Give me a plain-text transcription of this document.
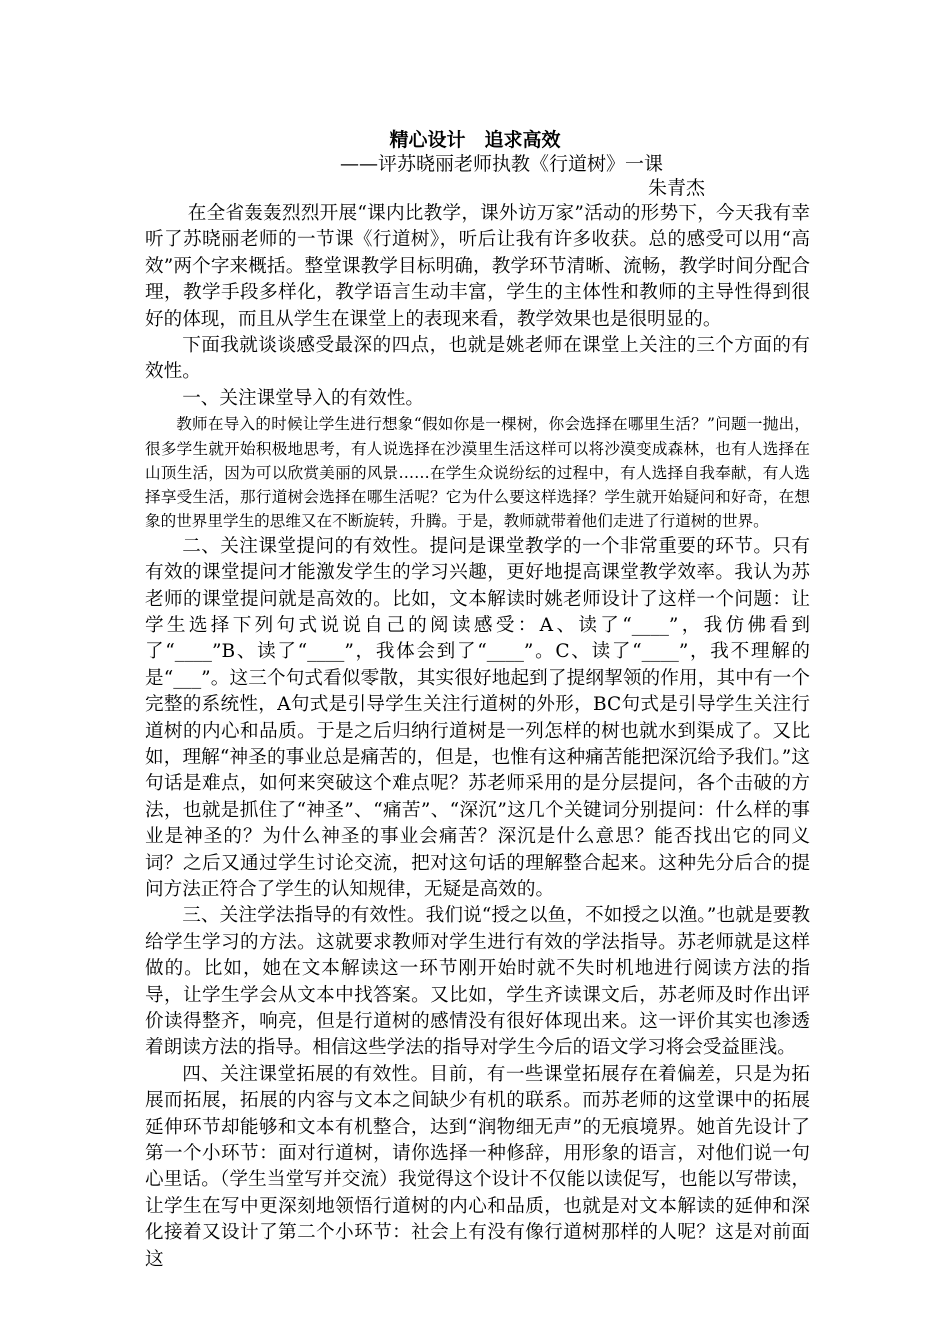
精心设计　追求高效
——评苏晓丽老师执教《行道树》一课
朱青杰

在全省轰轰烈烈开展“课内比教学，课外访万家”活动的形势下，今天我有幸听了苏晓丽老师的一节课《行道树》，听后让我有许多收获。总的感受可以用“高效”两个字来概括。整堂课教学目标明确，教学环节清晰、流畅，教学时间分配合理，教学手段多样化，教学语言生动丰富，学生的主体性和教师的主导性得到很好的体现，而且从学生在课堂上的表现来看，教学效果也是很明显的。

下面我就谈谈感受最深的四点，也就是姚老师在课堂上关注的三个方面的有效性。

一、关注课堂导入的有效性。

教师在导入的时候让学生进行想象“假如你是一棵树，你会选择在哪里生活？”问题一抛出，很多学生就开始积极地思考，有人说选择在沙漠里生活这样可以将沙漠变成森林，也有人选择在山顶生活，因为可以欣赏美丽的风景……在学生众说纷纭的过程中，有人选择自我奉献，有人选择享受生活，那行道树会选择在哪生活呢？它为什么要这样选择？学生就开始疑问和好奇，在想象的世界里学生的思维又在不断旋转，升腾。于是，教师就带着他们走进了行道树的世界。

二、关注课堂提问的有效性。提问是课堂教学的一个非常重要的环节。只有有效的课堂提问才能激发学生的学习兴趣，更好地提高课堂教学效率。我认为苏老师的课堂提问就是高效的。比如，文本解读时姚老师设计了这样一个问题：让学生选择下列句式说说自己的阅读感受：A、读了“____”，我仿佛看到了“____”B、读了“____”，我体会到了“____”。C、读了“____”，我不理解的是“___”。这三个句式看似零散，其实很好地起到了提纲挈领的作用，其中有一个完整的系统性，A句式是引导学生关注行道树的外形，BC句式是引导学生关注行道树的内心和品质。于是之后归纳行道树是一列怎样的树也就水到渠成了。又比如，理解“神圣的事业总是痛苦的，但是，也惟有这种痛苦能把深沉给予我们。”这句话是难点，如何来突破这个难点呢？苏老师采用的是分层提问，各个击破的方法，也就是抓住了“神圣”、“痛苦”、“深沉”这几个关键词分别提问：什么样的事业是神圣的？为什么神圣的事业会痛苦？深沉是什么意思？能否找出它的同义词？之后又通过学生讨论交流，把对这句话的理解整合起来。这种先分后合的提问方法正符合了学生的认知规律，无疑是高效的。

三、关注学法指导的有效性。我们说“授之以鱼，不如授之以渔。”也就是要教给学生学习的方法。这就要求教师对学生进行有效的学法指导。苏老师就是这样做的。比如，她在文本解读这一环节刚开始时就不失时机地进行阅读方法的指导，让学生学会从文本中找答案。又比如，学生齐读课文后，苏老师及时作出评价读得整齐，响亮，但是行道树的感情没有很好体现出来。这一评价其实也渗透着朗读方法的指导。相信这些学法的指导对学生今后的语文学习将会受益匪浅。

四、关注课堂拓展的有效性。目前，有一些课堂拓展存在着偏差，只是为拓展而拓展，拓展的内容与文本之间缺少有机的联系。而苏老师的这堂课中的拓展延伸环节却能够和文本有机整合，达到“润物细无声”的无痕境界。她首先设计了第一个小环节：面对行道树，请你选择一种修辞，用形象的语言，对他们说一句心里话。（学生当堂写并交流）我觉得这个设计不仅能以读促写，也能以写带读，让学生在写中更深刻地领悟行道树的内心和品质，也就是对文本解读的延伸和深化接着又设计了第二个小环节：社会上有没有像行道树那样的人呢？这是对前面这
